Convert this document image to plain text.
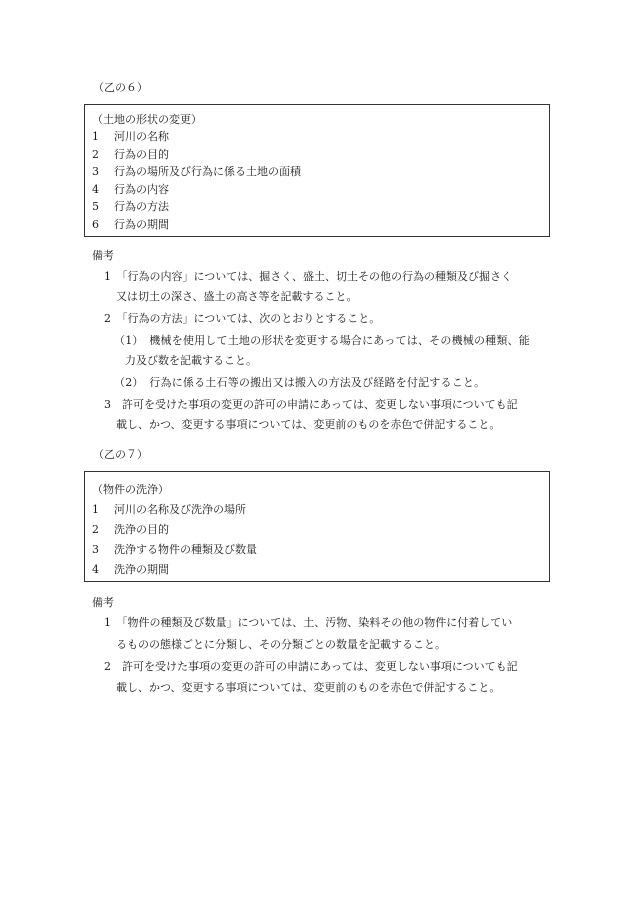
（乙の６）
（土地の形状の変更）
1	河川の名称
2	行為の目的
3	行為の場所及び行為に係る土地の面積
4	行為の内容
5	行為の方法
6	行為の期間
備考
1　「行為の内容」については、掘さく、盛土、切土その他の行為の種類及び掘さく
又は切土の深さ、盛土の高さ等を記載すること。
2　「行為の方法」については、次のとおりとすること。
（1）　機械を使用して土地の形状を変更する場合にあっては、その機械の種類、能
力及び数を記載すること。
（2）　行為に係る土石等の搬出又は搬入の方法及び経路を付記すること。
3　許可を受けた事項の変更の許可の申請にあっては、変更しない事項についても記
載し、かつ、変更する事項については、変更前のものを赤色で併記すること。
（乙の７）
（物件の洗浄）
1	河川の名称及び洗浄の場所
2	洗浄の目的
3	洗浄する物件の種類及び数量
4	洗浄の期間
備考
1　「物件の種類及び数量」については、土、汚物、染料その他の物件に付着してい
るものの態様ごとに分類し、その分類ごとの数量を記載すること。
2　許可を受けた事項の変更の許可の申請にあっては、変更しない事項についても記
載し、かつ、変更する事項については、変更前のものを赤色で併記すること。
